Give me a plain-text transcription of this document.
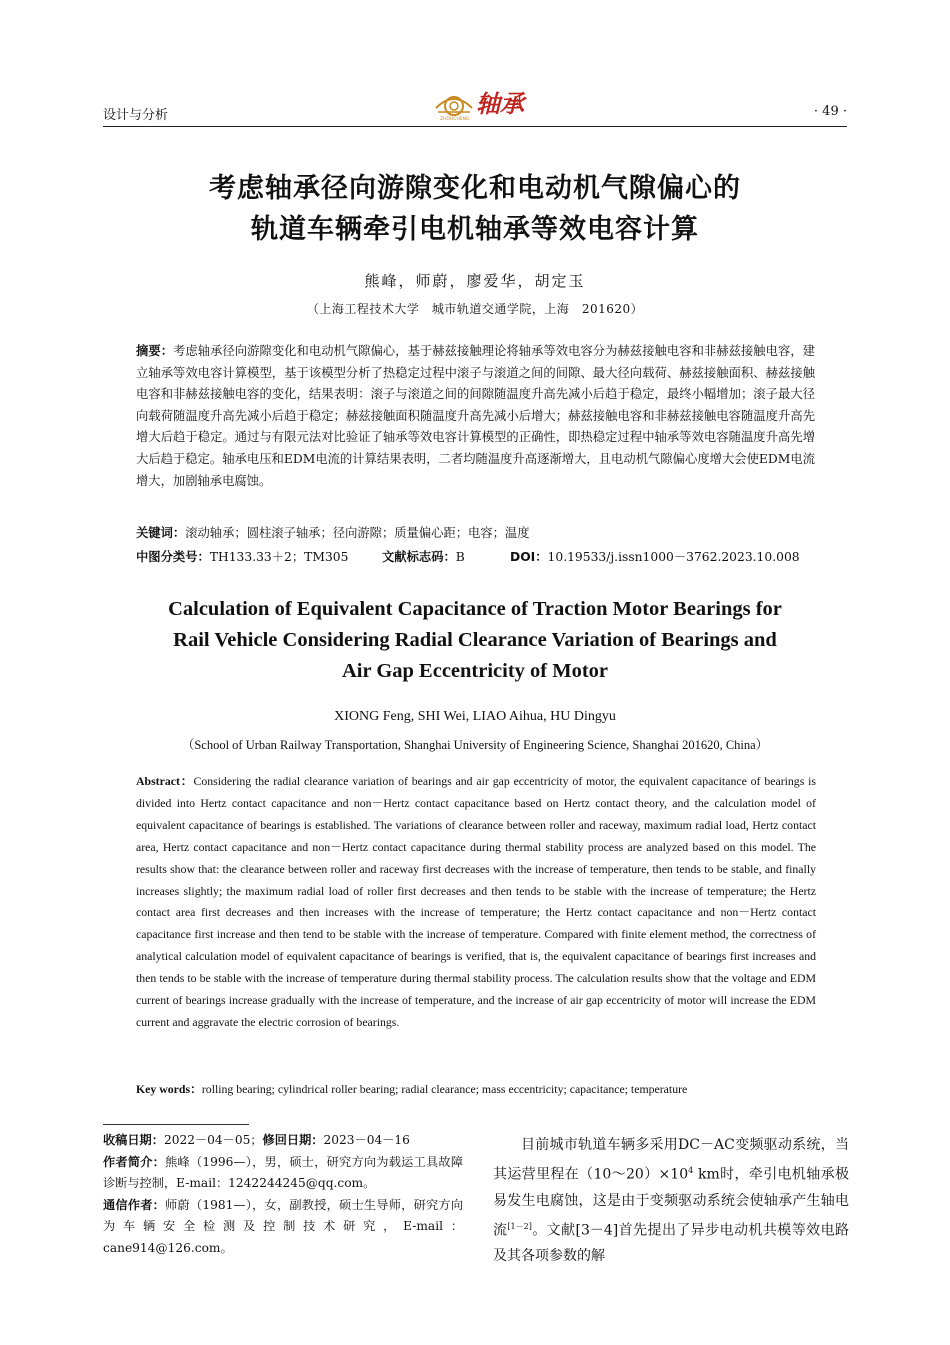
设计与分析	ZHOUCHENG
轴承	· 49 ·
考虑轴承径向游隙变化和电动机气隙偏心的
轨道车辆牵引电机轴承等效电容计算
熊峰，师蔚，廖爱华，胡定玉
（上海工程技术大学　城市轨道交通学院，上海　201620）
摘要：考虑轴承径向游隙变化和电动机气隙偏心，基于赫兹接触理论将轴承等效电容分为赫兹接触电容和非赫兹接触电容，建立轴承等效电容计算模型，基于该模型分析了热稳定过程中滚子与滚道之间的间隙、最大径向载荷、赫兹接触面积、赫兹接触电容和非赫兹接触电容的变化，结果表明：滚子与滚道之间的间隙随温度升高先减小后趋于稳定，最终小幅增加；滚子最大径向载荷随温度升高先减小后趋于稳定；赫兹接触面积随温度升高先减小后增大；赫兹接触电容和非赫兹接触电容随温度升高先增大后趋于稳定。通过与有限元法对比验证了轴承等效电容计算模型的正确性，即热稳定过程中轴承等效电容随温度升高先增大后趋于稳定。轴承电压和EDM电流的计算结果表明，二者均随温度升高逐渐增大，且电动机气隙偏心度增大会使EDM电流增大，加剧轴承电腐蚀。
关键词：滚动轴承；圆柱滚子轴承；径向游隙；质量偏心距；电容；温度
中图分类号：TH133.33＋2；TM305	文献标志码：B	DOI：10.19533/j.issn1000－3762.2023.10.008
Calculation of Equivalent Capacitance of Traction Motor Bearings for
Rail Vehicle Considering Radial Clearance Variation of Bearings and
Air Gap Eccentricity of Motor
XIONG Feng, SHI Wei, LIAO Aihua, HU Dingyu
（School of Urban Railway Transportation, Shanghai University of Engineering Science, Shanghai 201620, China）
Abstract：Considering the radial clearance variation of bearings and air gap eccentricity of motor, the equivalent capacitance of bearings is divided into Hertz contact capacitance and non－Hertz contact capacitance based on Hertz contact theory, and the calculation model of equivalent capacitance of bearings is established. The variations of clearance between roller and raceway, maximum radial load, Hertz contact area, Hertz contact capacitance and non－Hertz contact capacitance during thermal stability process are analyzed based on this model. The results show that: the clearance between roller and raceway first decreases with the increase of temperature, then tends to be stable, and finally increases slightly; the maximum radial load of roller first decreases and then tends to be stable with the increase of temperature; the Hertz contact area first decreases and then increases with the increase of temperature; the Hertz contact capacitance and non－Hertz contact capacitance first increase and then tend to be stable with the increase of temperature. Compared with finite element method, the correctness of analytical calculation model of equivalent capacitance of bearings is verified, that is, the equivalent capacitance of bearings first increases and then tends to be stable with the increase of temperature during thermal stability process. The calculation results show that the voltage and EDM current of bearings increase gradually with the increase of temperature, and the increase of air gap eccentricity of motor will increase the EDM current and aggravate the electric corrosion of bearings.
Key words：rolling bearing; cylindrical roller bearing; radial clearance; mass eccentricity; capacitance; temperature
收稿日期：2022－04－05；修回日期：2023－04－16
作者简介：熊峰（1996—），男，硕士，研究方向为载运工具故障诊断与控制，E-mail：1242244245@qq.com。
通信作者：师蔚（1981—），女，副教授，硕士生导师，研究方向为车辆安全检测及控制技术研究，E-mail：cane914@126.com。
目前城市轨道车辆多采用DC－AC变频驱动系统，当其运营里程在$(10\sim 20)\times 10^4$ km时，牵引电机轴承极易发生电腐蚀，这是由于变频驱动系统会使轴承产生轴电流[1－2]。文献[3－4]首先提出了异步电动机共模等效电路及其各项参数的解
